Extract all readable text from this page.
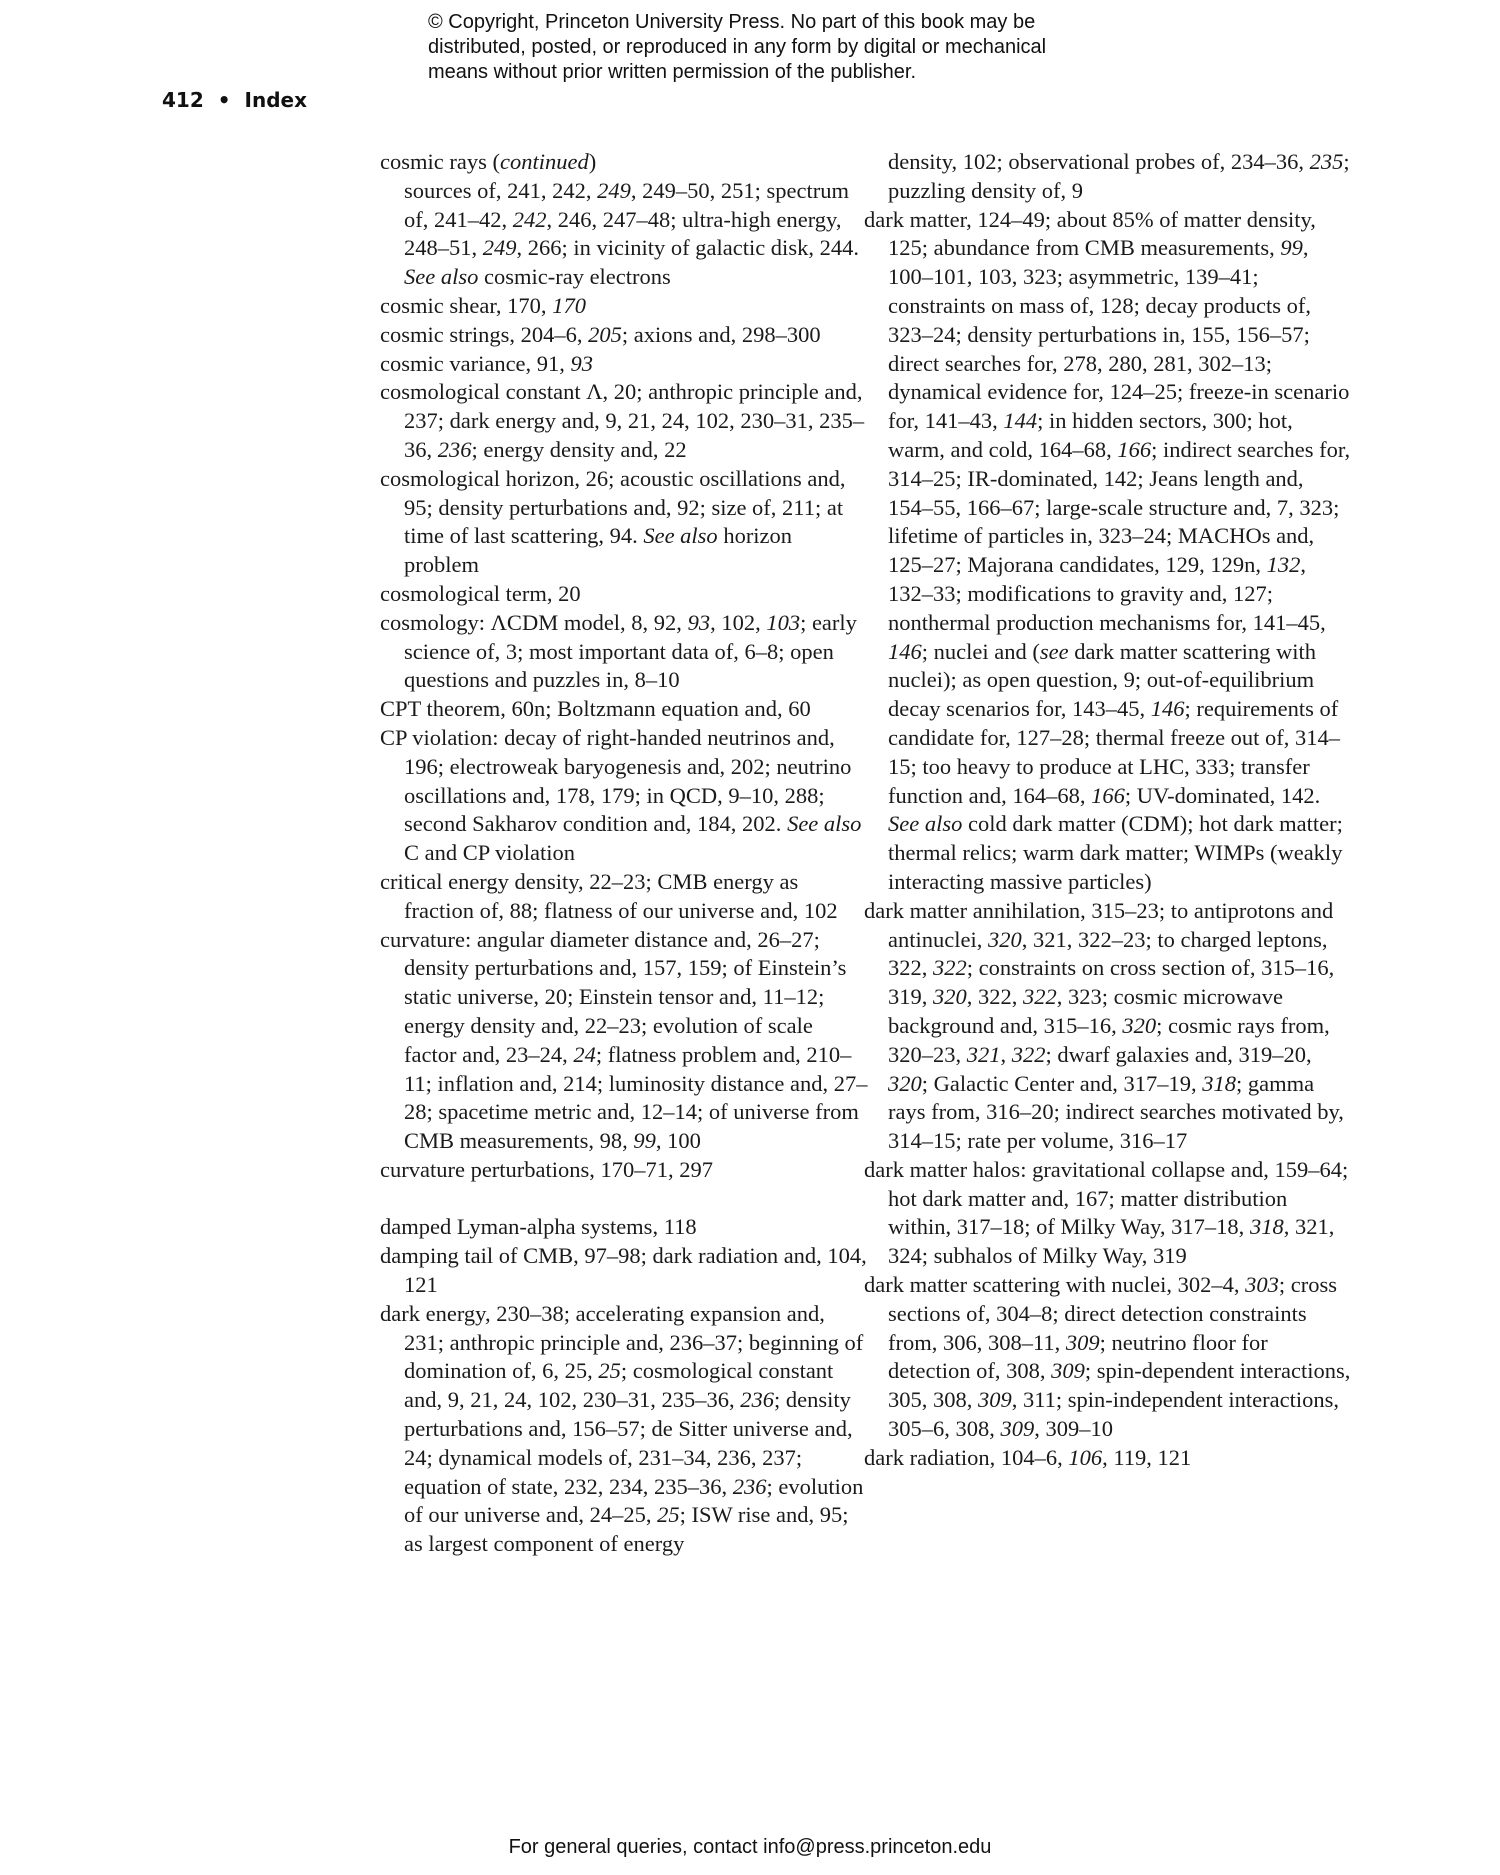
© Copyright, Princeton University Press. No part of this book may be
distributed, posted, or reproduced in any form by digital or mechanical
means without prior written permission of the publisher.
412 • Index
cosmic rays (continued)
sources of, 241, 242, 249, 249–50, 251; spectrum of, 241–42, 242, 246, 247–48; ultra-high energy, 248–51, 249, 266; in vicinity of galactic disk, 244. See also cosmic-ray electrons
cosmic shear, 170, 170
cosmic strings, 204–6, 205; axions and, 298–300
cosmic variance, 91, 93
cosmological constant Λ, 20; anthropic principle and, 237; dark energy and, 9, 21, 24, 102, 230–31, 235–36, 236; energy density and, 22
cosmological horizon, 26; acoustic oscillations and, 95; density perturbations and, 92; size of, 211; at time of last scattering, 94. See also horizon problem
cosmological term, 20
cosmology: ΛCDM model, 8, 92, 93, 102, 103; early science of, 3; most important data of, 6–8; open questions and puzzles in, 8–10
CPT theorem, 60n; Boltzmann equation and, 60
CP violation: decay of right-handed neutrinos and, 196; electroweak baryogenesis and, 202; neutrino oscillations and, 178, 179; in QCD, 9–10, 288; second Sakharov condition and, 184, 202. See also C and CP violation
critical energy density, 22–23; CMB energy as fraction of, 88; flatness of our universe and, 102
curvature: angular diameter distance and, 26–27; density perturbations and, 157, 159; of Einstein’s static universe, 20; Einstein tensor and, 11–12; energy density and, 22–23; evolution of scale factor and, 23–24, 24; flatness problem and, 210–11; inflation and, 214; luminosity distance and, 27–28; spacetime metric and, 12–14; of universe from CMB measurements, 98, 99, 100
curvature perturbations, 170–71, 297
damped Lyman-alpha systems, 118
damping tail of CMB, 97–98; dark radiation and, 104, 121
dark energy, 230–38; accelerating expansion and, 231; anthropic principle and, 236–37; beginning of domination of, 6, 25, 25; cosmological constant and, 9, 21, 24, 102, 230–31, 235–36, 236; density perturbations and, 156–57; de Sitter universe and, 24; dynamical models of, 231–34, 236, 237; equation of state, 232, 234, 235–36, 236; evolution of our universe and, 24–25, 25; ISW rise and, 95; as largest component of energy
density, 102; observational probes of, 234–36, 235; puzzling density of, 9
dark matter, 124–49; about 85% of matter density, 125; abundance from CMB measurements, 99, 100–101, 103, 323; asymmetric, 139–41; constraints on mass of, 128; decay products of, 323–24; density perturbations in, 155, 156–57; direct searches for, 278, 280, 281, 302–13; dynamical evidence for, 124–25; freeze-in scenario for, 141–43, 144; in hidden sectors, 300; hot, warm, and cold, 164–68, 166; indirect searches for, 314–25; IR-dominated, 142; Jeans length and, 154–55, 166–67; large-scale structure and, 7, 323; lifetime of particles in, 323–24; MACHOs and, 125–27; Majorana candidates, 129, 129n, 132, 132–33; modifications to gravity and, 127; nonthermal production mechanisms for, 141–45, 146; nuclei and (see dark matter scattering with nuclei); as open question, 9; out-of-equilibrium decay scenarios for, 143–45, 146; requirements of candidate for, 127–28; thermal freeze out of, 314–15; too heavy to produce at LHC, 333; transfer function and, 164–68, 166; UV-dominated, 142. See also cold dark matter (CDM); hot dark matter; thermal relics; warm dark matter; WIMPs (weakly interacting massive particles)
dark matter annihilation, 315–23; to antiprotons and antinuclei, 320, 321, 322–23; to charged leptons, 322, 322; constraints on cross section of, 315–16, 319, 320, 322, 322, 323; cosmic microwave background and, 315–16, 320; cosmic rays from, 320–23, 321, 322; dwarf galaxies and, 319–20, 320; Galactic Center and, 317–19, 318; gamma rays from, 316–20; indirect searches motivated by, 314–15; rate per volume, 316–17
dark matter halos: gravitational collapse and, 159–64; hot dark matter and, 167; matter distribution within, 317–18; of Milky Way, 317–18, 318, 321, 324; subhalos of Milky Way, 319
dark matter scattering with nuclei, 302–4, 303; cross sections of, 304–8; direct detection constraints from, 306, 308–11, 309; neutrino floor for detection of, 308, 309; spin-dependent interactions, 305, 308, 309, 311; spin-independent interactions, 305–6, 308, 309, 309–10
dark radiation, 104–6, 106, 119, 121
For general queries, contact info@press.princeton.edu
